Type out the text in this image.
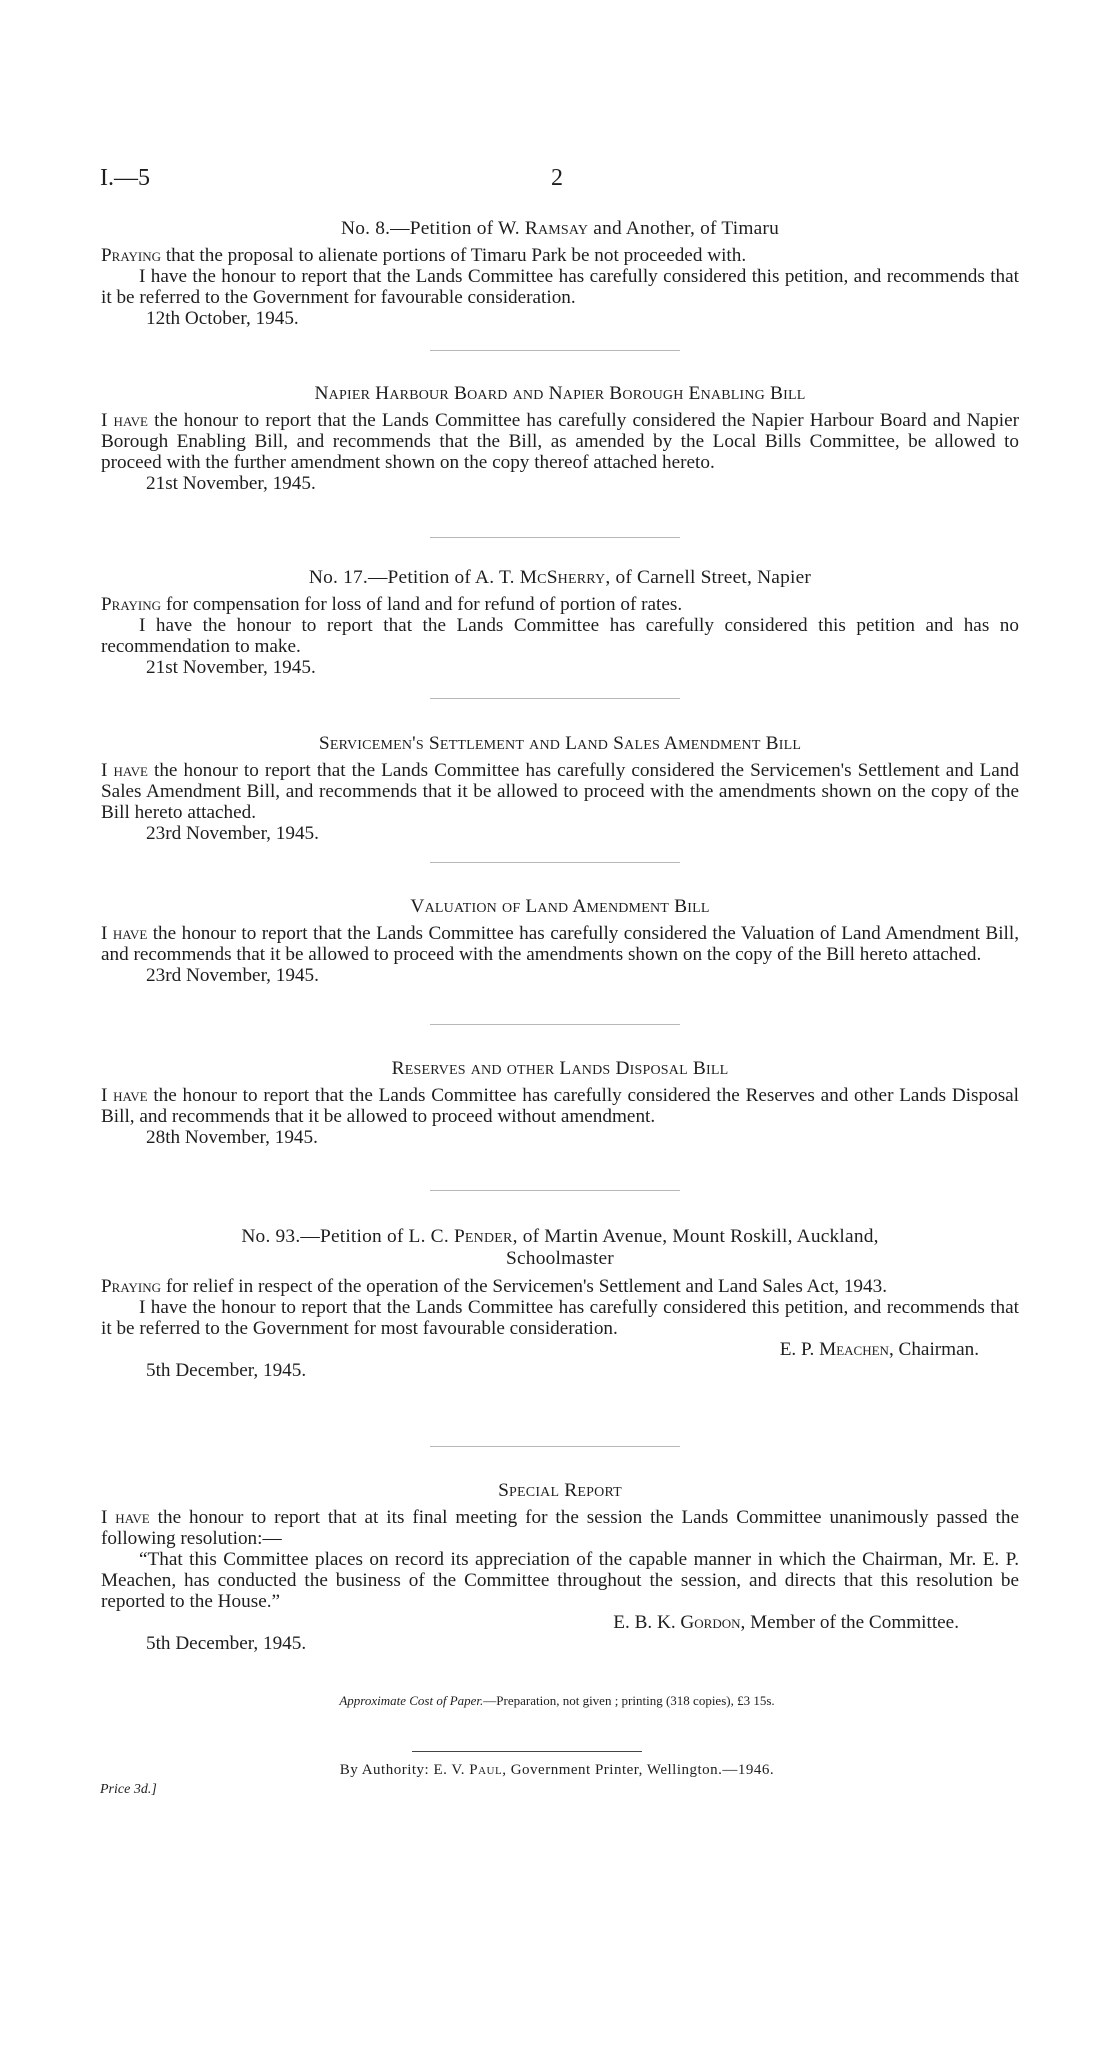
I.—5	2
No. 8.—Petition of W. Ramsay and Another, of Timaru

Praying that the proposal to alienate portions of Timaru Park be not proceeded with.

I have the honour to report that the Lands Committee has carefully considered this petition, and recommends that it be referred to the Government for favourable consideration.

12th October, 1945.
Napier Harbour Board and Napier Borough Enabling Bill

I have the honour to report that the Lands Committee has carefully considered the Napier Harbour Board and Napier Borough Enabling Bill, and recommends that the Bill, as amended by the Local Bills Committee, be allowed to proceed with the further amendment shown on the copy thereof attached hereto.

21st November, 1945.
No. 17.—Petition of A. T. McSherry, of Carnell Street, Napier

Praying for compensation for loss of land and for refund of portion of rates.

I have the honour to report that the Lands Committee has carefully considered this petition and has no recommendation to make.

21st November, 1945.
Servicemen's Settlement and Land Sales Amendment Bill

I have the honour to report that the Lands Committee has carefully considered the Servicemen's Settlement and Land Sales Amendment Bill, and recommends that it be allowed to proceed with the amendments shown on the copy of the Bill hereto attached.

23rd November, 1945.
Valuation of Land Amendment Bill

I have the honour to report that the Lands Committee has carefully considered the Valuation of Land Amendment Bill, and recommends that it be allowed to proceed with the amendments shown on the copy of the Bill hereto attached.

23rd November, 1945.
Reserves and other Lands Disposal Bill

I have the honour to report that the Lands Committee has carefully considered the Reserves and other Lands Disposal Bill, and recommends that it be allowed to proceed without amendment.

28th November, 1945.
No. 93.—Petition of L. C. Pender, of Martin Avenue, Mount Roskill, Auckland,
Schoolmaster

Praying for relief in respect of the operation of the Servicemen's Settlement and Land Sales Act, 1943.

I have the honour to report that the Lands Committee has carefully considered this petition, and recommends that it be referred to the Government for most favourable consideration.

E. P. Meachen, Chairman.
5th December, 1945.
Special Report

I have the honour to report that at its final meeting for the session the Lands Committee unanimously passed the following resolution:—

“That this Committee places on record its appreciation of the capable manner in which the Chairman, Mr. E. P. Meachen, has conducted the business of the Committee throughout the session, and directs that this resolution be reported to the House.”

E. B. K. Gordon, Member of the Committee.
5th December, 1945.
Approximate Cost of Paper.—Preparation, not given ; printing (318 copies), £3 15s.
By Authority: E. V. Paul, Government Printer, Wellington.—1946.
Price 3d.]
